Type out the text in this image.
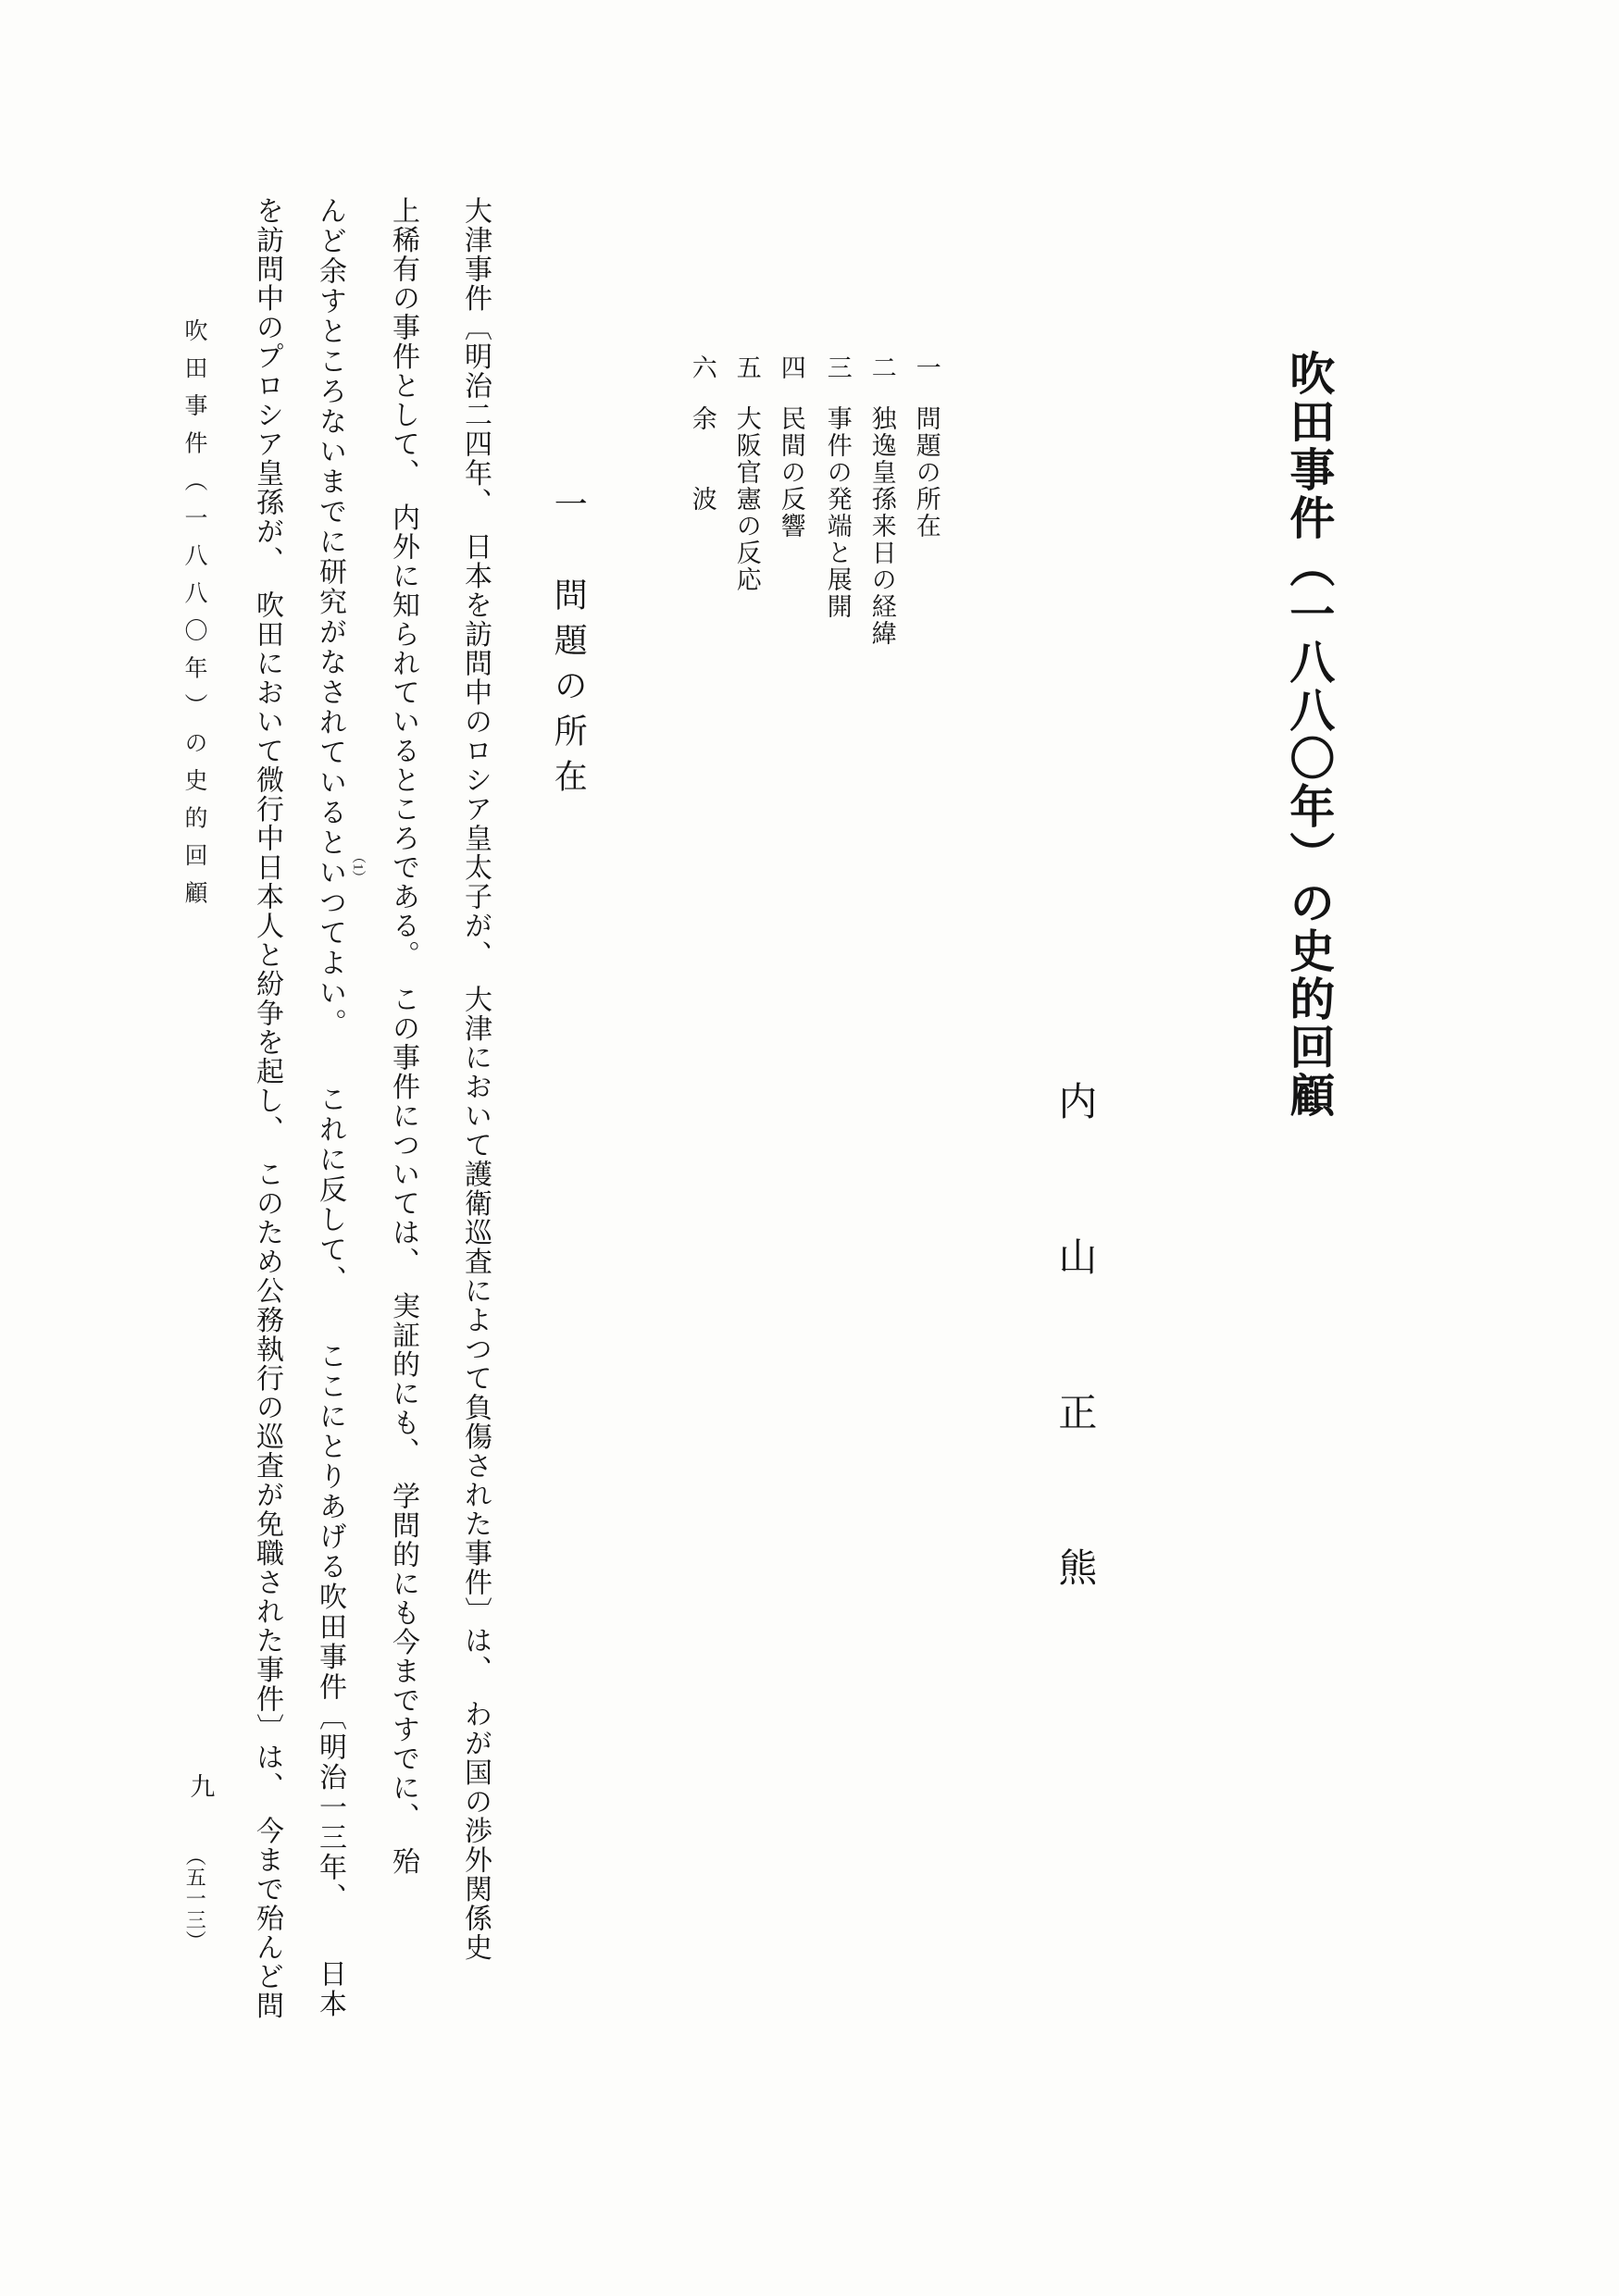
吹田事件（一八八〇年）の史的回顧
内　山　正　熊

一問題の所在

二独逸皇孫来日の経緯

三事件の発端と展開

四民間の反響

五大阪官憲の反応

六余　　波

一　問題の所在
大津事件〔明治二四年、　日本を訪問中のロシア皇太子が、　大津において護衛巡査によつて負傷された事件〕は、　わが国の渉外関係史
上稀有の事件として、　内外に知られているところである。　この事件については、　実証的にも、　学問的にも今まですでに、　殆
んど余すところないまでに研究がなされているといつてよい。　　これに反して、　　ここにとりあげる吹田事件〔明治一三年、　　日本
を訪問中のプロシア皇孫が、　吹田において微行中日本人と紛争を起し、　このため公務執行の巡査が免職された事件〕は、　今まで殆んど問	（1）
吹田事件（一八八〇年）の史的回顧
九
（五一三）
